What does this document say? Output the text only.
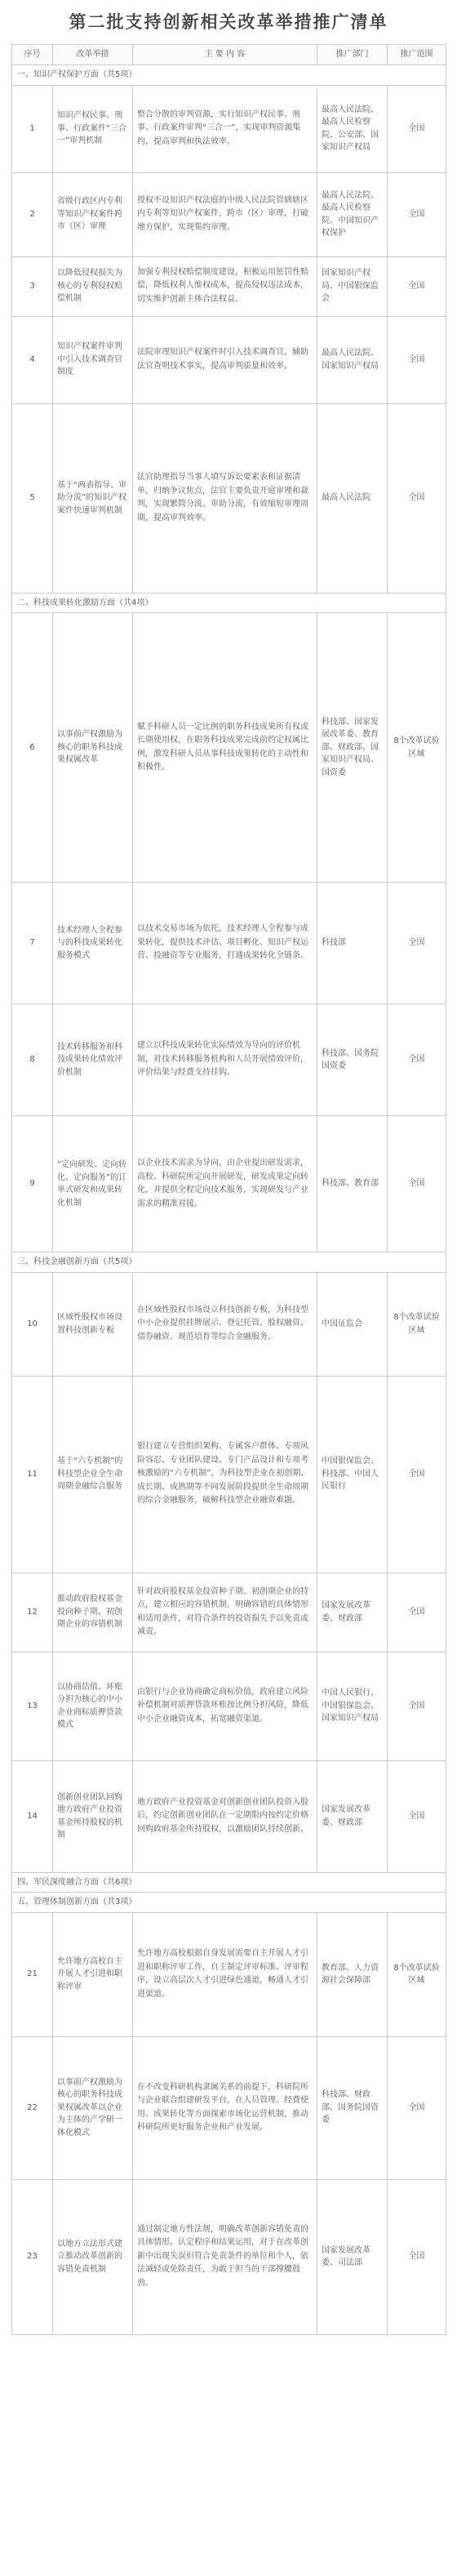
第二批支持创新相关改革举措推广清单
序号	改革举措	主 要 内 容	推广部门	推广范围
一、知识产权保护方面（共5项）				
1	知识产权民事、刑事、行政案件“三合一”审判机制	整合分散的审判资源，实行知识产权民事、刑事、行政案件审判“三合一”，实现审判资源集约，提高审判和执法效率。	最高人民法院、最高人民检察院、公安部、国家知识产权局	全国
2	省级行政区内专利等知识产权案件跨市（区）审理	授权不设知识产权法庭的中级人民法院管辖辖区内专利等知识产权案件，跨市（区）审理，打破地方保护，实现集约审理。	最高人民法院、最高人民检察院、中国知识产权保护	全国
3	以降低侵权损失为核心的专利侵权赔偿机制	加强专利侵权赔偿制度建设，积极运用惩罚性赔偿，降低权利人维权成本，提高侵权违法成本，切实维护创新主体合法权益。	国家知识产权局、中国银保监会	全国
4	知识产权案件审判中引入技术调查官制度	法院审理知识产权案件时引入技术调查官，辅助法官查明技术事实，提高审判质量和效率。	最高人民法院、国家知识产权局	全国
5	基于“两表指导、审助分流”的知识产权案件快速审判机制	法官助理指导当事人填写诉讼要素表和证据清单，归纳争议焦点，法官主要负责开庭审理和裁判，实现繁简分流、审助分流，有效缩短审理周期，提高审判效率。	最高人民法院	全国
二、科技成果转化激励方面（共4项）				
6	以事前产权激励为核心的职务科技成果权属改革	赋予科研人员一定比例的职务科技成果所有权或长期使用权，在职务科技成果完成前约定权属比例，激发科研人员从事科技成果转化的主动性和积极性。	科技部、国家发展改革委、教育部、财政部、国家知识产权局、国资委	8个改革试验区域
7	技术经理人全程参与的科技成果转化服务模式	以技术交易市场为依托，技术经理人全程参与成果转化，提供技术评估、项目孵化、知识产权运营、投融资等专业服务，打通成果转化全链条。	科技部	全国
8	技术转移服务和科技成果转化绩效评价机制	建立以科技成果转化实际绩效为导向的评价机制，对技术转移服务机构和人员开展绩效评价，评价结果与经费支持挂钩。	科技部、国务院国资委	全国
9	“定向研发、定向转化、定向服务”的订单式研发和成果转化机制	以企业技术需求为导向，由企业提出研发需求，高校、科研院所定向开展研发，研发成果定向转化，并提供全程定向技术服务，实现研发与产业需求的精准对接。	科技部、教育部	全国
三、科技金融创新方面（共5项）				
10	区域性股权市场设置科技创新专板	在区域性股权市场设立科技创新专板，为科技型中小企业提供挂牌展示、登记托管、股权融资、债券融资、规范培育等综合金融服务。	中国证监会	8个改革试验区域
11	基于“六专机制”的科技型企业全生命周期金融综合服务	银行建立专营组织架构、专属客户群体、专项风险容忍、专业团队建设、专门产品设计和专项考核激励的“六专机制”，为科技型企业在初创期、成长期、成熟期等不同发展阶段提供全生命周期的综合金融服务，破解科技型企业融资难题。	中国银保监会、科技部、中国人民银行	全国
12	推动政府股权基金投向种子期、初创期企业的容错机制	针对政府股权基金投资种子期、初创期企业的特点，建立相应的容错机制，明确容错的具体情形和适用条件，对符合条件的投资损失予以免责或减责。	国家发展改革委、财政部	全国
13	以协商估值、坏账分担为核心的中小企业商标质押贷款模式	由银行与企业协商确定商标价值，政府建立风险补偿机制对质押贷款坏账按比例分担风险，降低中小企业融资成本，拓宽融资渠道。	中国人民银行、中国银保监会、国家知识产权局	全国
14	创新创业团队回购地方政府产业投资基金所持股权的机制	地方政府产业投资基金对创新创业团队投资入股后，约定创新创业团队在一定期限内按约定价格回购政府基金所持股权，以激励团队持续创新。	国家发展改革委、财政部	全国
四、军民深度融合方面（共6项）				
五、管理体制创新方面（共3项）				
21	允许地方高校自主开展人才引进和职称评审	允许地方高校根据自身发展需要自主开展人才引进和职称评审工作，自主制定评审标准、评审程序，设立高层次人才引进绿色通道，畅通人才引进渠道。	教育部、人力资源社会保障部	8个改革试验区域
22	以事前产权激励为核心的职务科技成果权属改革以企业为主体的产学研一体化模式	在不改变科研机构隶属关系的前提下，科研院所与企业联合组建研发平台，在人员管理、经费使用、成果转化等方面探索市场化运营机制，推动科研院所更好服务企业和产业发展。	科技部、财政部、国务院国资委	全国
23	以地方立法形式建立推动改革创新的容错免责机制	通过制定地方性法规，明确改革创新容错免责的具体情形、认定程序和结果运用，对于在改革创新中出现失误但符合免责条件的单位和个人，依法减轻或免除责任，为敢于担当的干部撑腰鼓劲。	国家发展改革委、司法部	全国
